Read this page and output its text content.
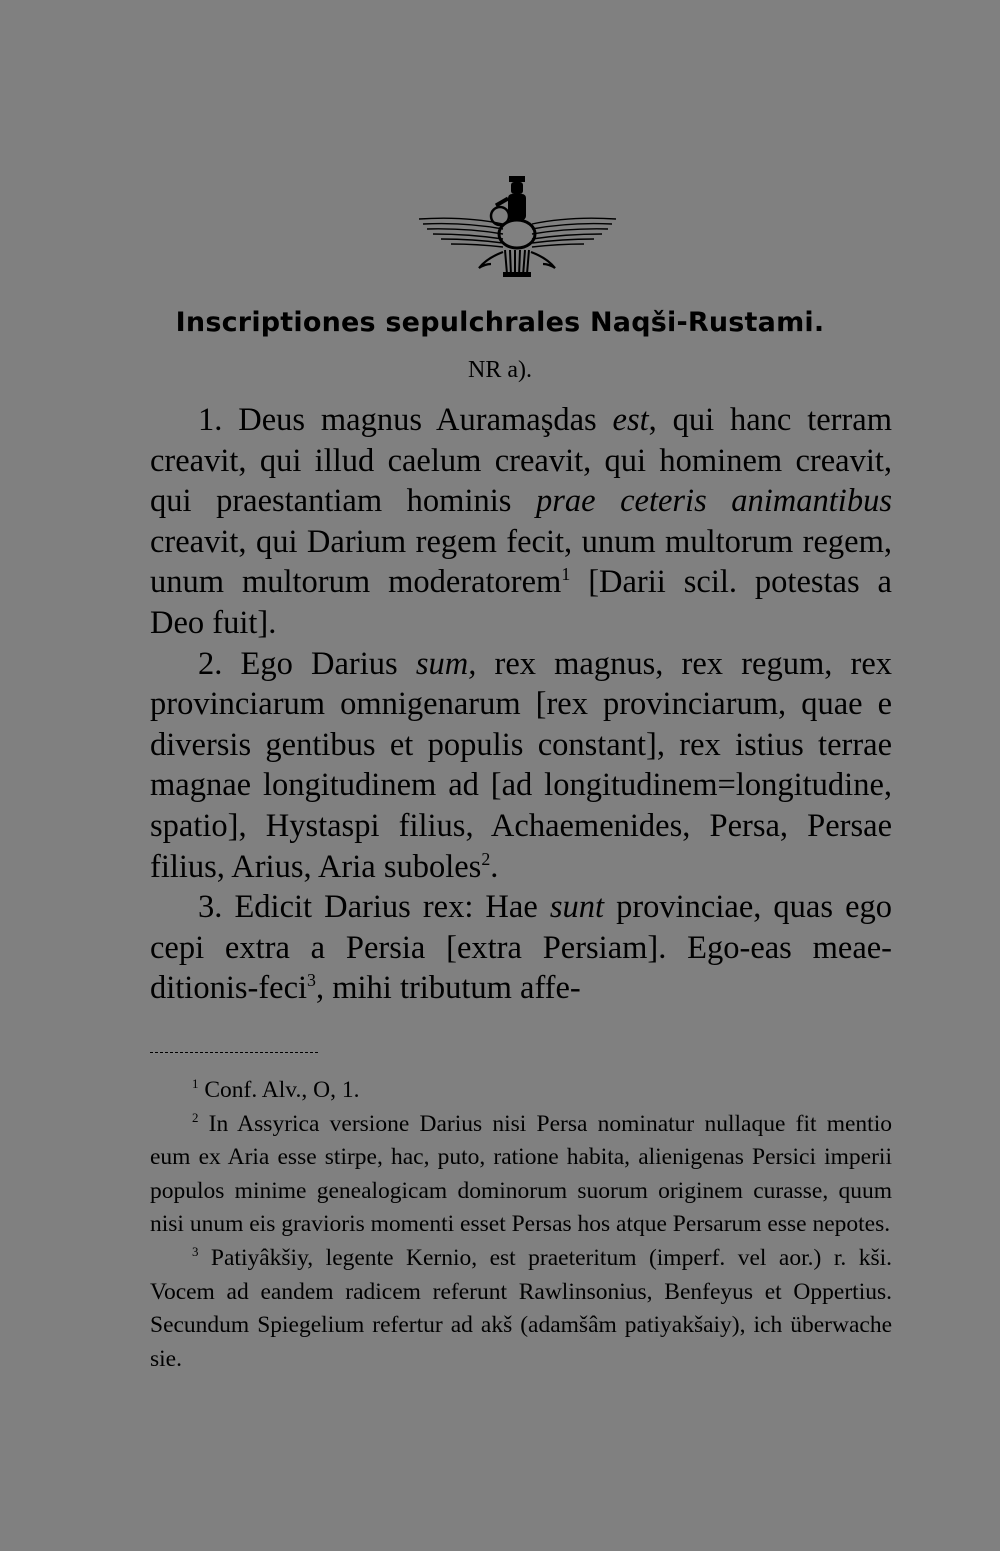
Inscriptiones sepulchrales Naqši-Rustami.
NR a).

1. Deus magnus Auramaşdas est, qui hanc terram creavit, qui illud caelum creavit, qui hominem creavit, qui praestantiam hominis prae ceteris animantibus creavit, qui Darium regem fecit, unum multorum regem, unum multorum moderatorem$^1$ [Darii scil. potestas a Deo fuit].

2. Ego Darius sum, rex magnus, rex regum, rex provinciarum omnigenarum [rex provinciarum, quae e diversis gentibus et populis constant], rex istius terrae magnae longitudinem ad [ad longitudinem=longitudine, spatio], Hystaspi filius, Achaemenides, Persa, Persae filius, Arius, Aria suboles$^2$.

3. Edicit Darius rex: Hae sunt provinciae, quas ego cepi extra a Persia [extra Persiam]. Ego-eas meae-ditionis-feci$^3$, mihi tributum affe-

$^1$ Conf. Alv., O, 1.

$^2$ In Assyrica versione Darius nisi Persa nominatur nullaque fit mentio eum ex Aria esse stirpe, hac, puto, ratione habita, alienigenas Persici imperii populos minime genealogicam dominorum suorum originem curasse, quum nisi unum eis gravioris momenti esset Persas hos atque Persarum esse nepotes.

$^3$ Patiyâkšiy, legente Kernio, est praeteritum (imperf. vel aor.) r. kši. Vocem ad eandem radicem referunt Rawlinsonius, Benfeyus et Oppertius. Secundum Spiegelium refertur ad akš (adamšâm patiyakšaiy), ich überwache sie.
